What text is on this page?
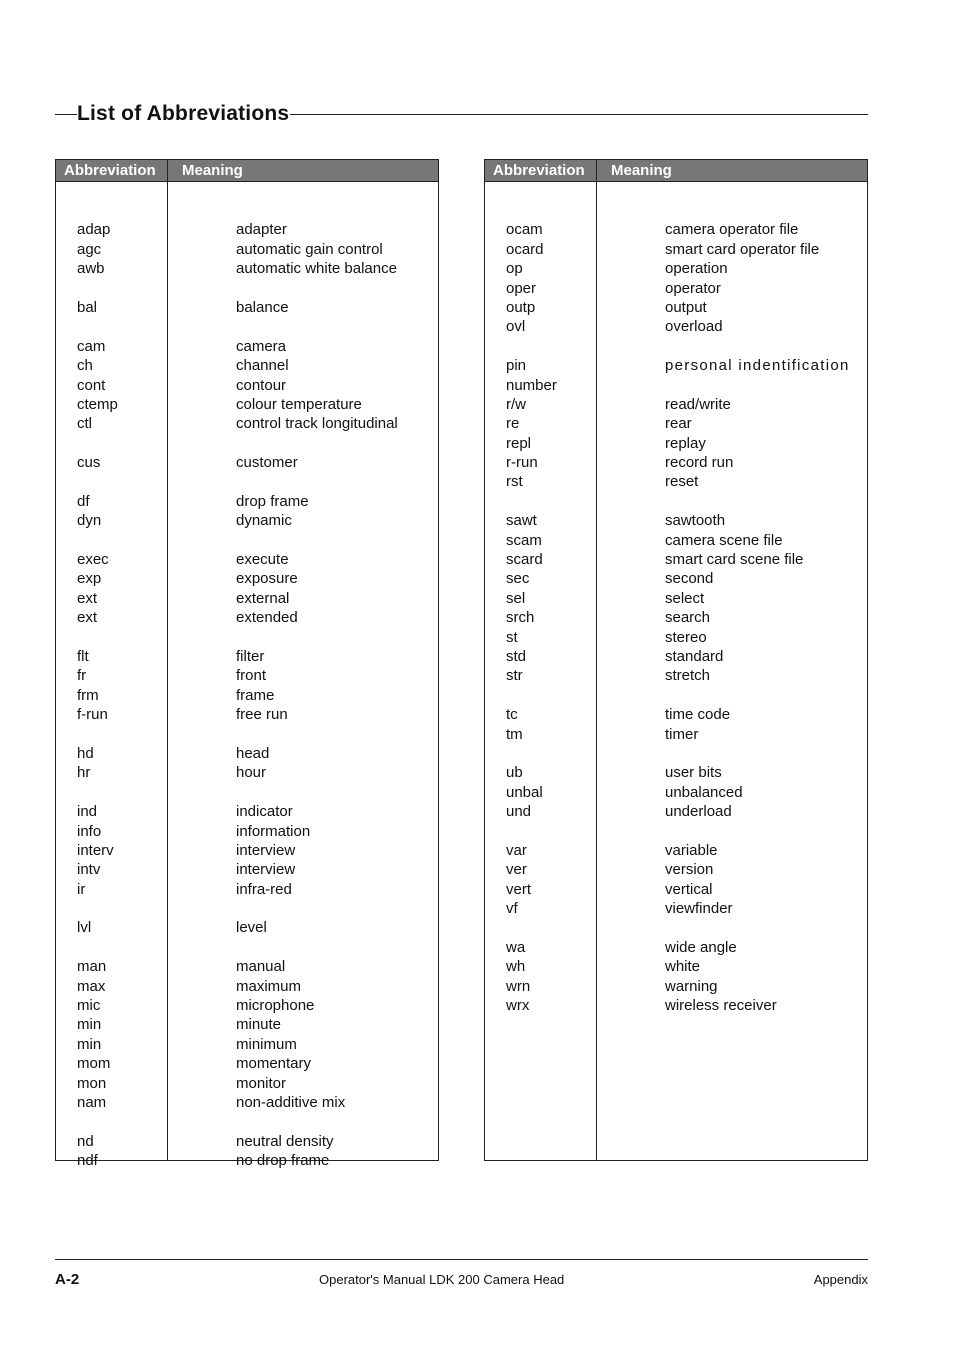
List of Abbreviations
Abbreviation Meaning
adap	adapter
agc	automatic gain control
awb	automatic white balance
bal	balance
cam	camera
ch	channel
cont	contour
ctemp	colour temperature
ctl	control track longitudinal
cus	customer
df	drop frame
dyn	dynamic
exec	execute
exp	exposure
ext	external
ext	extended
flt	filter
fr	front
frm	frame
f-run	free run
hd	head
hr	hour
ind	indicator
info	information
interv	interview
intv	interview
ir	infra-red
lvl	level
man	manual
max	maximum
mic	microphone
min	minute
min	minimum
mom	momentary
mon	monitor
nam	non-additive mix
nd	neutral density
ndf	no drop frame
Abbreviation Meaning
ocam	camera operator file
ocard	smart card operator file
op	operation
oper	operator
outp	output
ovl	overload
pin	personal indentification
number
r/w	read/write
re	rear
repl	replay
r-run	record run
rst	reset
sawt	sawtooth
scam	camera scene file
scard	smart card scene file
sec	second
sel	select
srch	search
st	stereo
std	standard
str	stretch
tc	time code
tm	timer
ub	user bits
unbal	unbalanced
und	underload
var	variable
ver	version
vert	vertical
vf	viewfinder
wa	wide angle
wh	white
wrn	warning
wrx	wireless receiver
A-2	Operator's Manual LDK 200 Camera Head	Appendix
